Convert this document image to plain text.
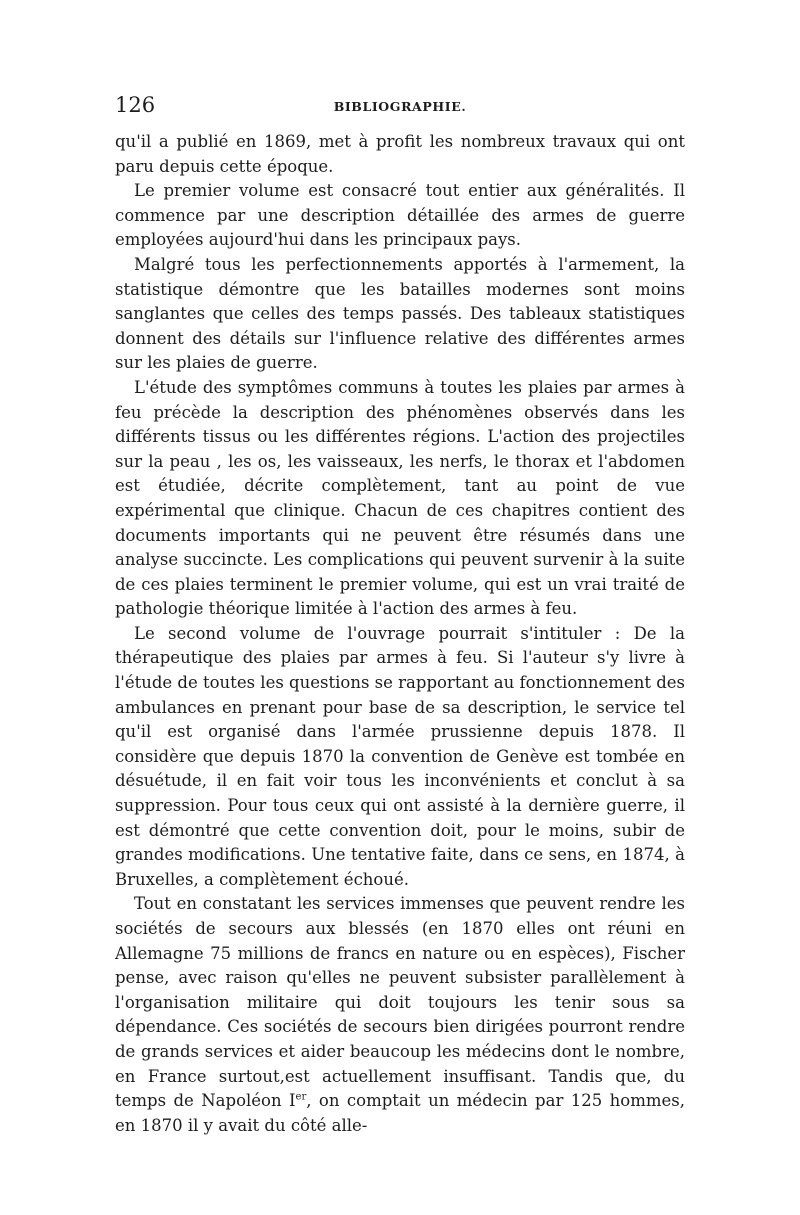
126	BIBLIOGRAPHIE.

qu'il a publié en 1869, met à profit les nombreux travaux qui ont paru depuis cette époque.

Le premier volume est consacré tout entier aux généralités. Il commence par une description détaillée des armes de guerre employées aujourd'hui dans les principaux pays.

Malgré tous les perfectionnements apportés à l'armement, la statistique démontre que les batailles modernes sont moins sanglantes que celles des temps passés. Des tableaux statistiques donnent des détails sur l'influence relative des différentes armes sur les plaies de guerre.

L'étude des symptômes communs à toutes les plaies par armes à feu précède la description des phénomènes observés dans les différents tissus ou les différentes régions. L'action des projectiles sur la peau , les os, les vaisseaux, les nerfs, le thorax et l'abdomen est étudiée, décrite complètement, tant au point de vue expérimental que clinique. Chacun de ces chapitres contient des documents importants qui ne peuvent être résumés dans une analyse succincte. Les complications qui peuvent survenir à la suite de ces plaies terminent le premier volume, qui est un vrai traité de pathologie théorique limitée à l'action des armes à feu.

Le second volume de l'ouvrage pourrait s'intituler : De la thérapeutique des plaies par armes à feu. Si l'auteur s'y livre à l'étude de toutes les questions se rapportant au fonctionnement des ambulances en prenant pour base de sa description, le service tel qu'il est organisé dans l'armée prussienne depuis 1878. Il considère que depuis 1870 la convention de Genève est tombée en désuétude, il en fait voir tous les inconvénients et conclut à sa suppression. Pour tous ceux qui ont assisté à la dernière guerre, il est démontré que cette convention doit, pour le moins, subir de grandes modifications. Une tentative faite, dans ce sens, en 1874, à Bruxelles, a complètement échoué.

Tout en constatant les services immenses que peuvent rendre les sociétés de secours aux blessés (en 1870 elles ont réuni en Allemagne 75 millions de francs en nature ou en espèces), Fischer pense, avec raison qu'elles ne peuvent subsister parallèlement à l'organisation militaire qui doit toujours les tenir sous sa dépendance. Ces sociétés de secours bien dirigées pourront rendre de grands services et aider beaucoup les médecins dont le nombre, en France surtout,est actuellement insuffisant. Tandis que, du temps de Napoléon Ier, on comptait un médecin par 125 hommes, en 1870 il y avait du côté alle-
